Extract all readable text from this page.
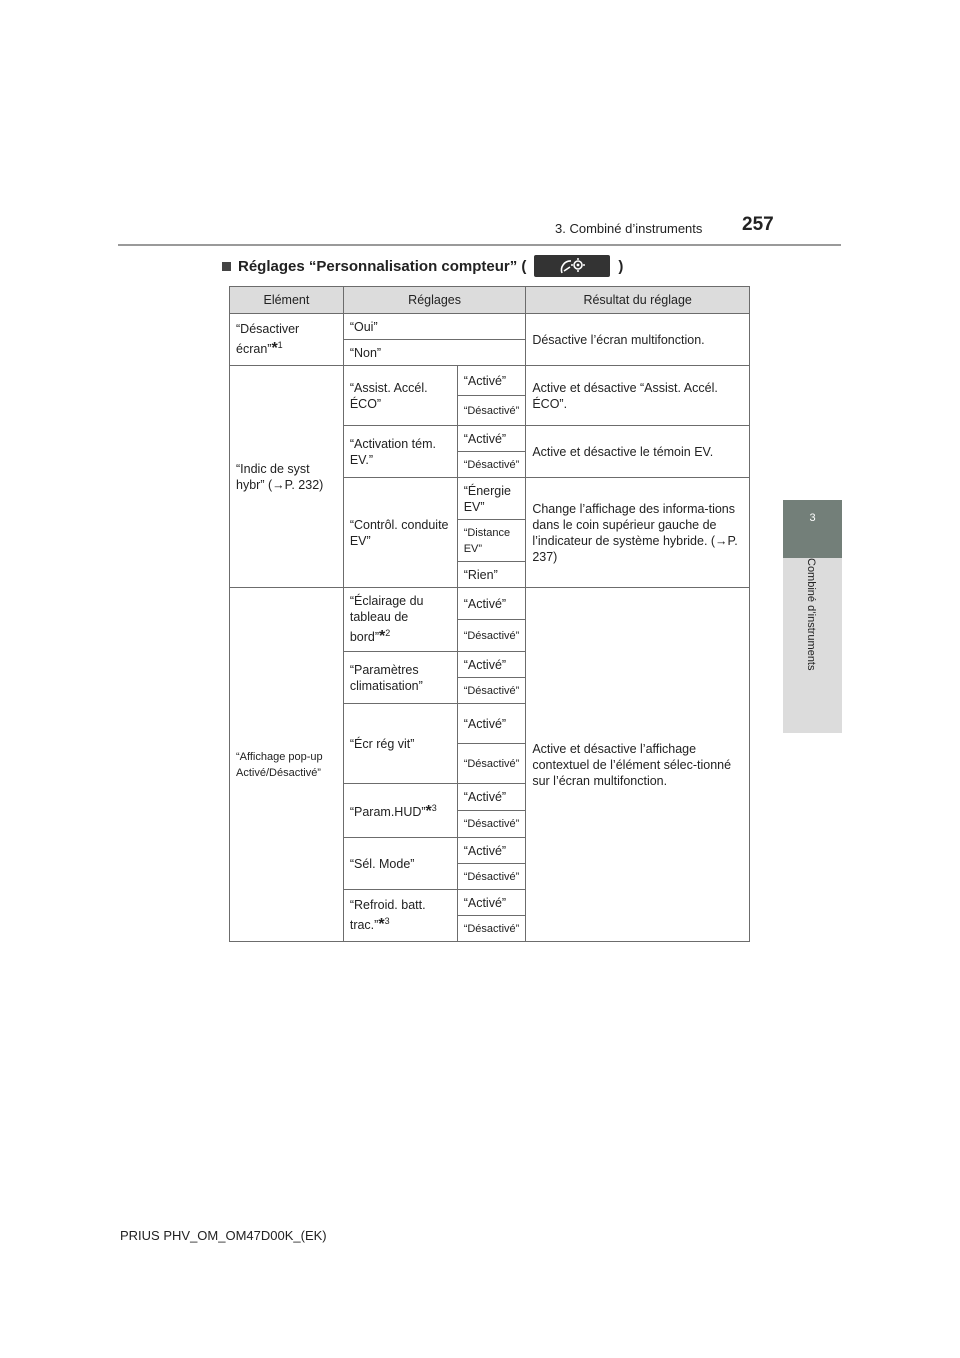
3. Combiné d’instruments 257
3
Combiné d’instruments
Réglages “Personnalisation compteur” (	)
Elément	Réglages		Résultat du réglage
“Désactiver écran”*$^1$	“Oui”		Désactive l’écran multifonction.
	“Non”		
“Indic de syst hybr” (→P. 232)	“Assist. Accél. ÉCO”	“Activé”	Active et désactive “Assist. Accél. ÉCO”.
		“Désactivé”	
	“Activation tém. EV.”	“Activé”	Active et désactive le témoin EV.
		“Désactivé”	
	“Contrôl. conduite EV”	“Énergie EV”	Change l’affichage des informa-tions dans le coin supérieur gauche de l’indicateur de système hybride. (→P. 237)
		“Distance EV”	
		“Rien”	
“Affichage pop-up Activé/Désactivé”	“Éclairage du tableau de bord”*$^2$	“Activé”	Active et désactive l’affichage contextuel de l’élément sélec-tionné sur l’écran multifonction.
		“Désactivé”	
	“Paramètres climatisation”	“Activé”	
		“Désactivé”	
	“Écr rég vit”	“Activé”	
		“Désactivé”	
	“Param.HUD”*$^3$	“Activé”	
		“Désactivé”	
	“Sél. Mode”	“Activé”	
		“Désactivé”	
	“Refroid. batt. trac.”*$^3$	“Activé”	
		“Désactivé”	
PRIUS PHV_OM_OM47D00K_(EK)
